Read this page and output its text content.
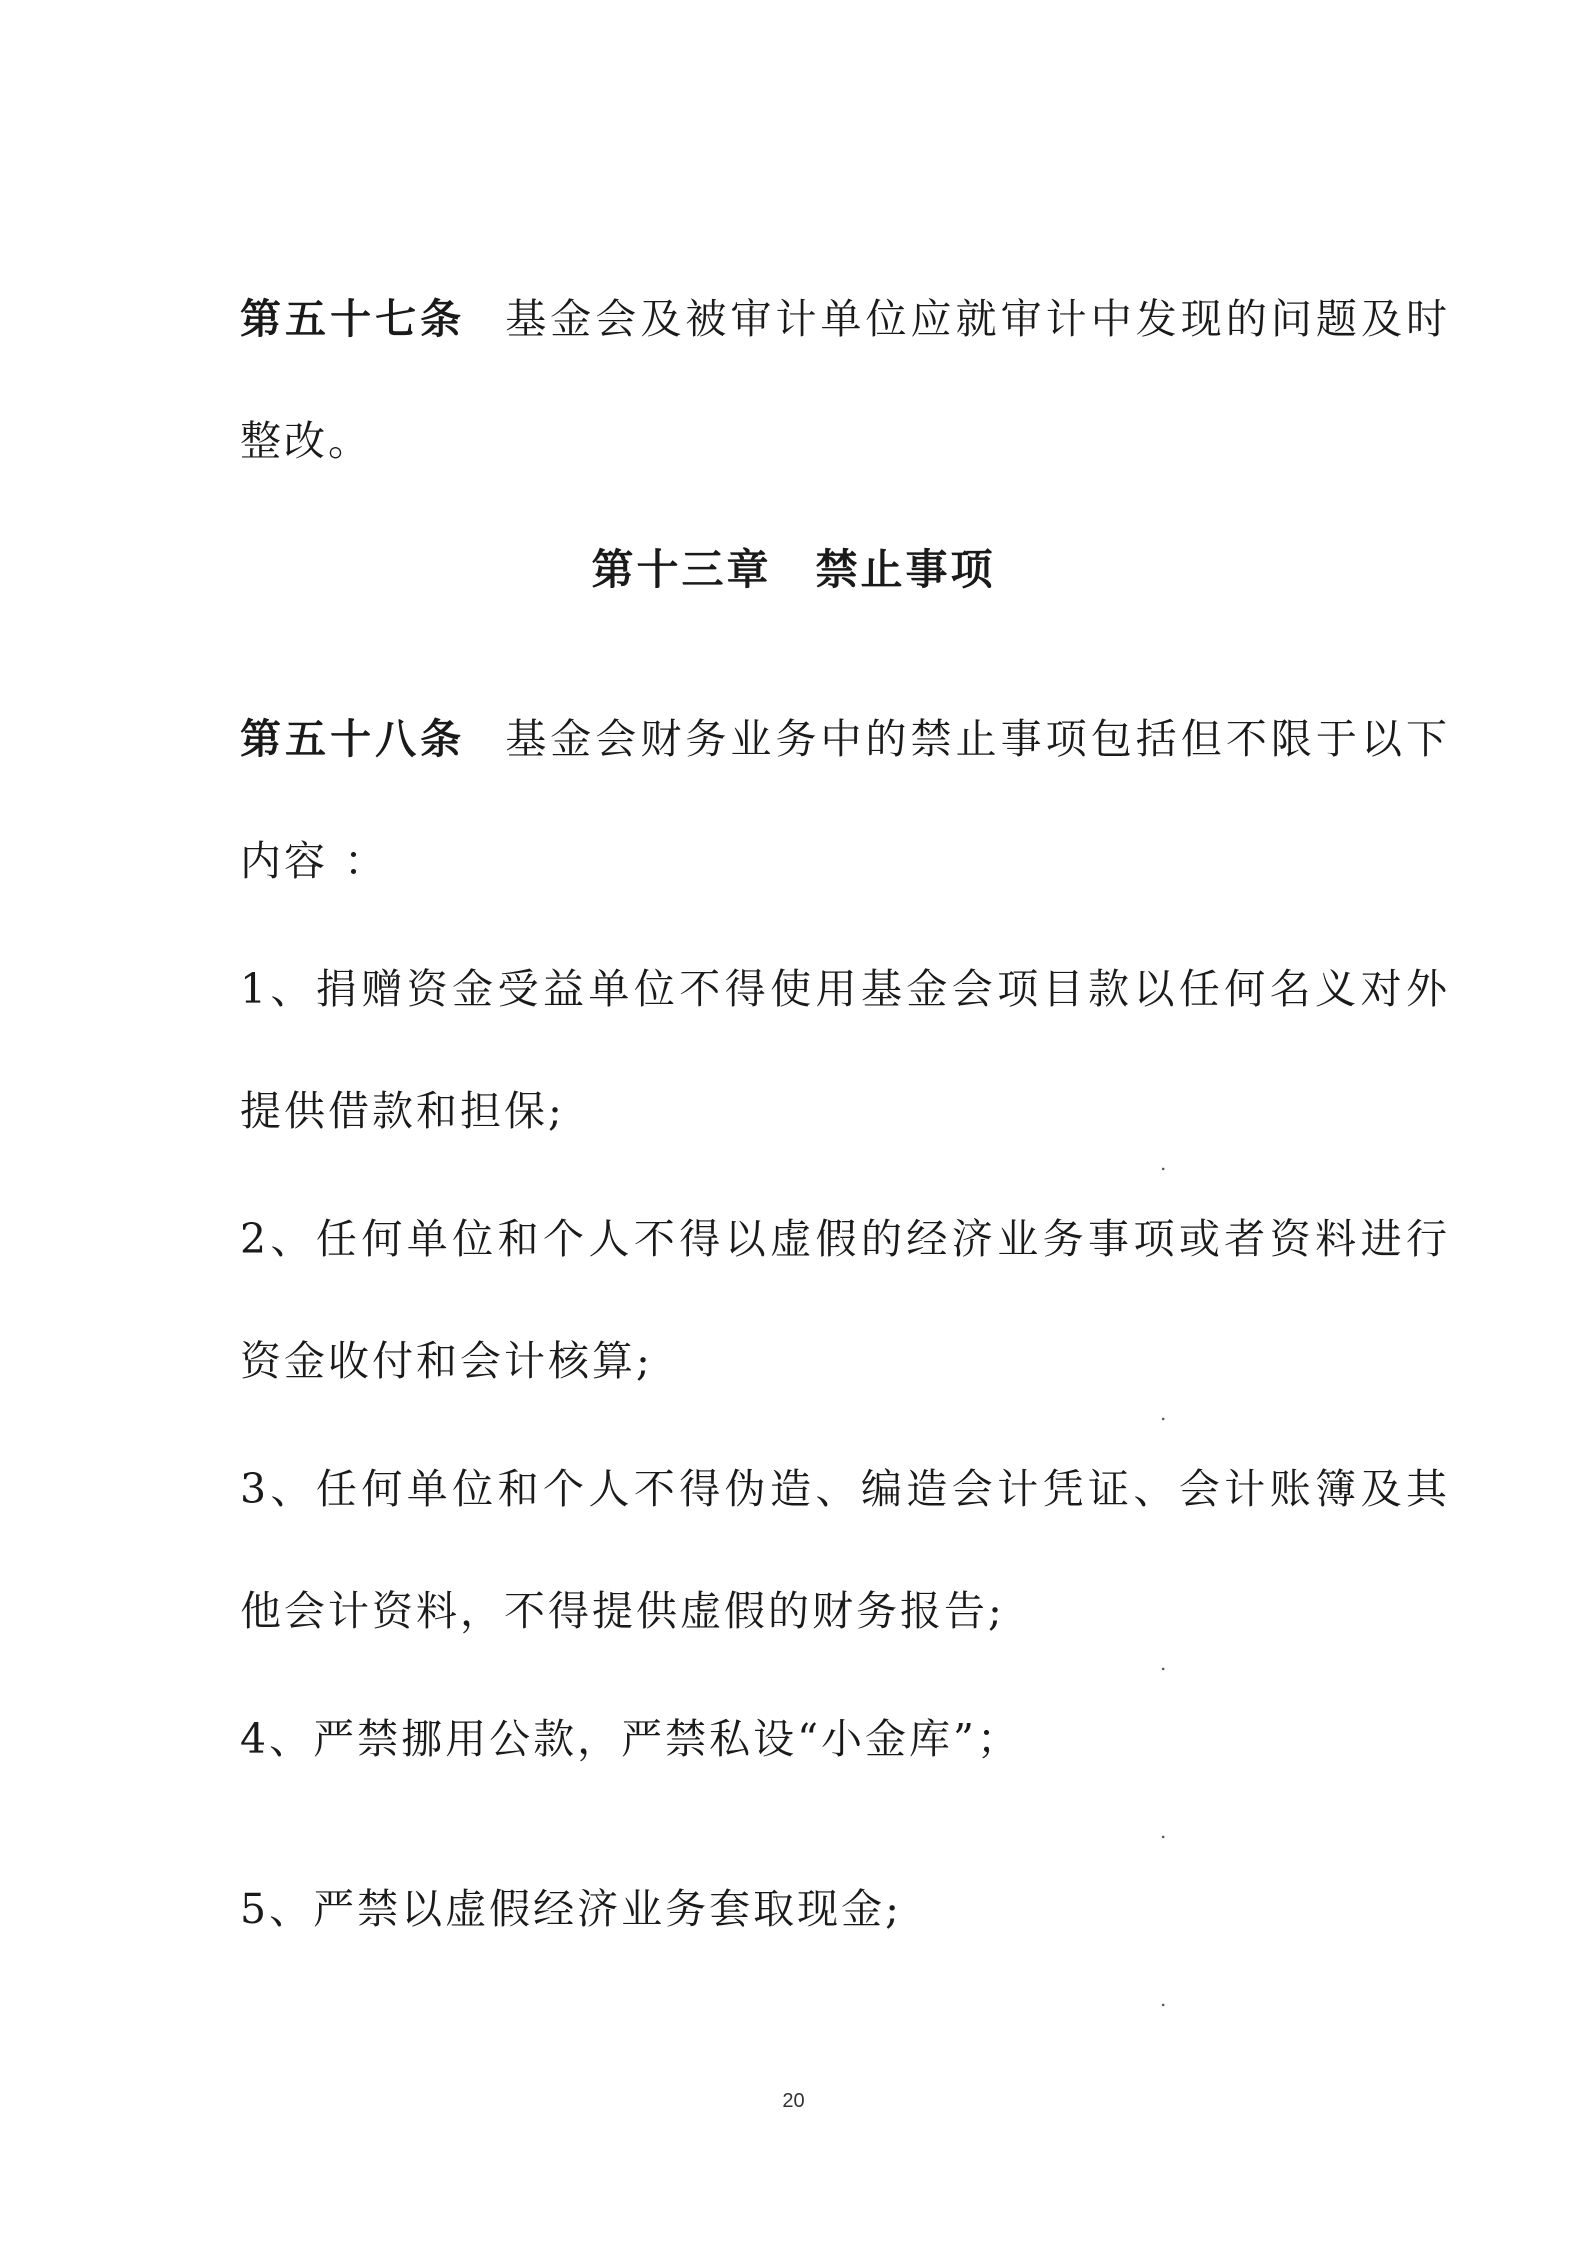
第五十七条 基金会及被审计单位应就审计中发现的问题及时整改。
第十三章 禁止事项
第五十八条 基金会财务业务中的禁止事项包括但不限于以下内容 ：
1、捐赠资金受益单位不得使用基金会项目款以任何名义对外提供借款和担保;
.
2、任何单位和个人不得以虚假的经济业务事项或者资料进行资金收付和会计核算;
.
3、任何单位和个人不得伪造、编造会计凭证、会计账簿及其他会计资料，不得提供虚假的财务报告;
.
4、严禁挪用公款，严禁私设“小金库”；
.
5、严禁以虚假经济业务套取现金;
.
20
